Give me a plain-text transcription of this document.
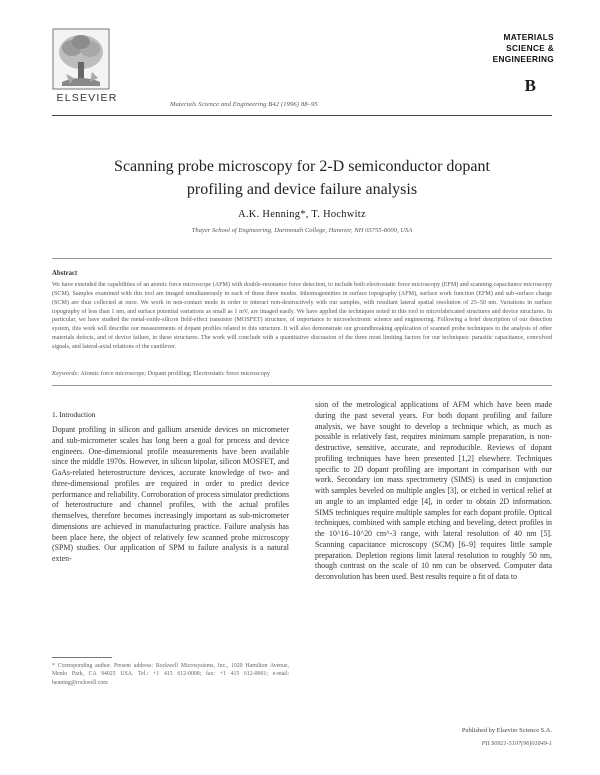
ELSEVIER
Materials Science and Engineering B42 (1996) 88–95
MATERIALS
SCIENCE &
ENGINEERING
B
Scanning probe microscopy for 2-D semiconductor dopant
profiling and device failure analysis
A.K. Henning*, T. Hochwitz
Thayer School of Engineering, Dartmouth College, Hanover, NH 03755-8000, USA
Abstract
We have extended the capabilities of an atomic force microscope (AFM) with double-resonance force detection, to include both electrostatic force microscopy (EFM) and scanning capacitance microscopy (SCM). Samples examined with this tool are imaged simultaneously in each of these three modes. Inhomogeneities in surface topography (AFM), surface work function (EFM) and sub-surface charge (SCM) are thus collected at once. We work in non-contact mode in order to interact non-destructively with our samples, with resultant lateral spatial resolution of 25–50 nm. Variations in surface topography of less than 1 nm, and surface potential variations as small as 1 mV, are imaged easily. We have applied the techniques noted in this tool to microfabricated structures and device structures. In particular, we have studied the metal-oxide-silicon field-effect transistor (MOSFET) structure, of importance to microelectronic science and engineering. Following a brief description of our detection system, this work will describe our measurements of dopant profiles related to this structure. It will also demonstrate our groundbreaking application of scanned probe techniques to the analysis of other materials defects, and of device failure, in these structures. The work will conclude with a quantitative discussion of the three most limiting factors for our techniques: parasitic capacitance, convolved signals, and lateral-axial relations of the cantilever.
Keywords: Atomic force microscope; Dopant profiling; Electrostatic force microscopy
1. Introduction
Dopant profiling in silicon and gallium arsenide devices on micrometer and sub-micrometer scales has long been a goal for process and device engineers. One-dimensional profile measurements have been available since the middle 1970s. However, in silicon bipolar, silicon MOSFET, and GaAs-related heterostructure devices, accurate knowledge of two- and three-dimensional profiles are required in order to predict device performance and reliability. Corroboration of process simulator predictions of heterostructure and channel profiles, with the actual profiles themselves, therefore becomes increasingly important as sub-micrometer dimensions are achieved in manufacturing practice. Failure analysis has been place here, the object of relatively few scanned probe microscopy (SPM) studies. Our application of SPM to failure analysis is a natural exten-
sion of the metrological applications of AFM which have been made during the past several years. For both dopant profiling and failure analysis, we have sought to develop a technique which, as much as possible is relatively fast, requires minimum sample preparation, is non-destructive, sensitive, accurate, and reproducible. Reviews of dopant profiling techniques have been presented [1,2] elsewhere. Techniques specific to 2D dopant profiling are important in comparison with our work. Secondary ion mass spectrometry (SIMS) is used in conjunction with samples beveled on multiple angles [3], or etched in vertical relief at an angle to an implanted edge [4], in order to obtain 2D information. SIMS techniques require multiple samples for each dopant profile. Optical techniques, combined with sample etching and beveling, detect profiles in the 10^16–10^20 cm^-3 range, with lateral resolution of 40 nm [5]. Scanning capacitance microscopy (SCM) [6–9] requires little sample preparation. Depletion regions limit lateral resolution to roughly 50 nm, though contrast on the scale of 10 nm can be observed. Computer data deconvolution has been used. Best results require a fit of data to
* Corresponding author. Present address: Rockwell Microsystems, Inc., 1020 Hamilton Avenue, Menlo Park, CA 94025 USA. Tel.: +1 415 612-0000; fax: +1 415 612-0001; e-mail: henning@rockwell.com
Published by Elsevier Science S.A.
PII S0921-5107(96)01849-1
